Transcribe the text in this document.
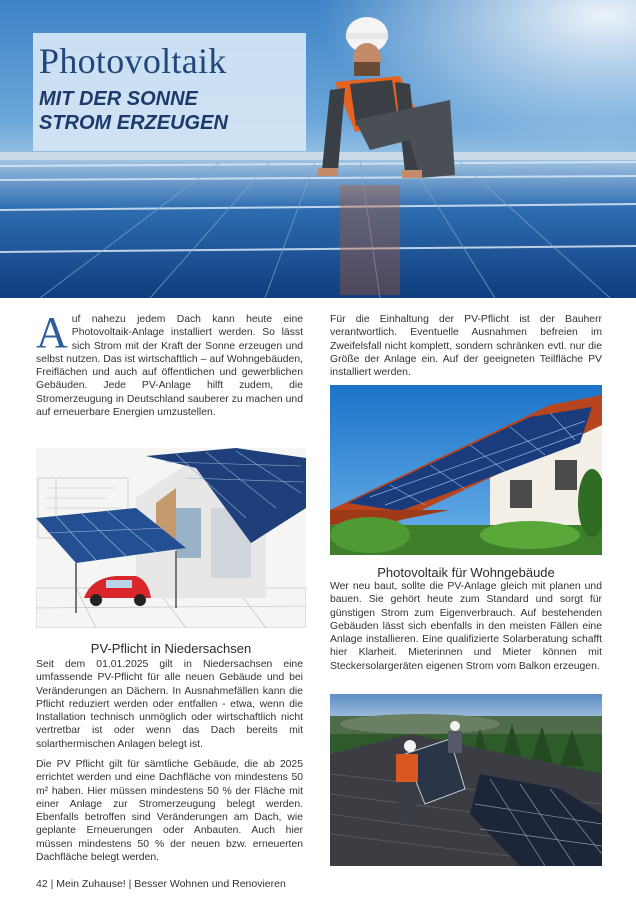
Photovoltaik
MIT DER SONNE
STROM ERZEUGEN
Auf nahezu jedem Dach kann heute eine Photovoltaik-Anlage installiert werden. So lässt sich Strom mit der Kraft der Sonne erzeugen und selbst nutzen. Das ist wirtschaftlich – auf Wohngebäuden, Freiflächen und auch auf öffentlichen und gewerblichen Gebäuden. Jede PV-Anlage hilft zudem, die Stromerzeugung in Deutschland sauberer zu machen und auf erneuerbare Energien umzustellen.
PV-Pflicht in Niedersachsen
Seit dem 01.01.2025 gilt in Niedersachsen eine umfassende PV-Pflicht für alle neuen Gebäude und bei Veränderungen an Dächern. In Ausnahmefällen kann die Pflicht reduziert werden oder entfallen - etwa, wenn die Installation technisch unmöglich oder wirtschaftlich nicht vertretbar ist oder wenn das Dach bereits mit solarthermischen Anlagen belegt ist.
Die PV Pflicht gilt für sämtliche Gebäude, die ab 2025 errichtet werden und eine Dachfläche von mindestens 50 m² haben. Hier müssen mindestens 50 % der Fläche mit einer Anlage zur Stromerzeugung belegt werden. Ebenfalls betroffen sind Veränderungen am Dach, wie geplante Erneuerungen oder Anbauten. Auch hier müssen mindestens 50 % der neuen bzw. erneuerten Dachfläche belegt werden.
Für die Einhaltung der PV-Pflicht ist der Bauherr verantwortlich. Eventuelle Ausnahmen befreien im Zweifelsfall nicht komplett, sondern schränken evtl. nur die Größe der Anlage ein. Auf der geeigneten Teilfläche PV installiert werden.
Photovoltaik für Wohngebäude
Wer neu baut, sollte die PV-Anlage gleich mit planen und bauen. Sie gehört heute zum Standard und sorgt für günstigen Strom zum Eigenverbrauch. Auf bestehenden Gebäuden lässt sich ebenfalls in den meisten Fällen eine Anlage installieren. Eine qualifizierte Solarberatung schafft hier Klarheit. Mieterinnen und Mieter können mit Steckersolargeräten eigenen Strom vom Balkon erzeugen.
42 | Mein Zuhause! | Besser Wohnen und Renovieren
